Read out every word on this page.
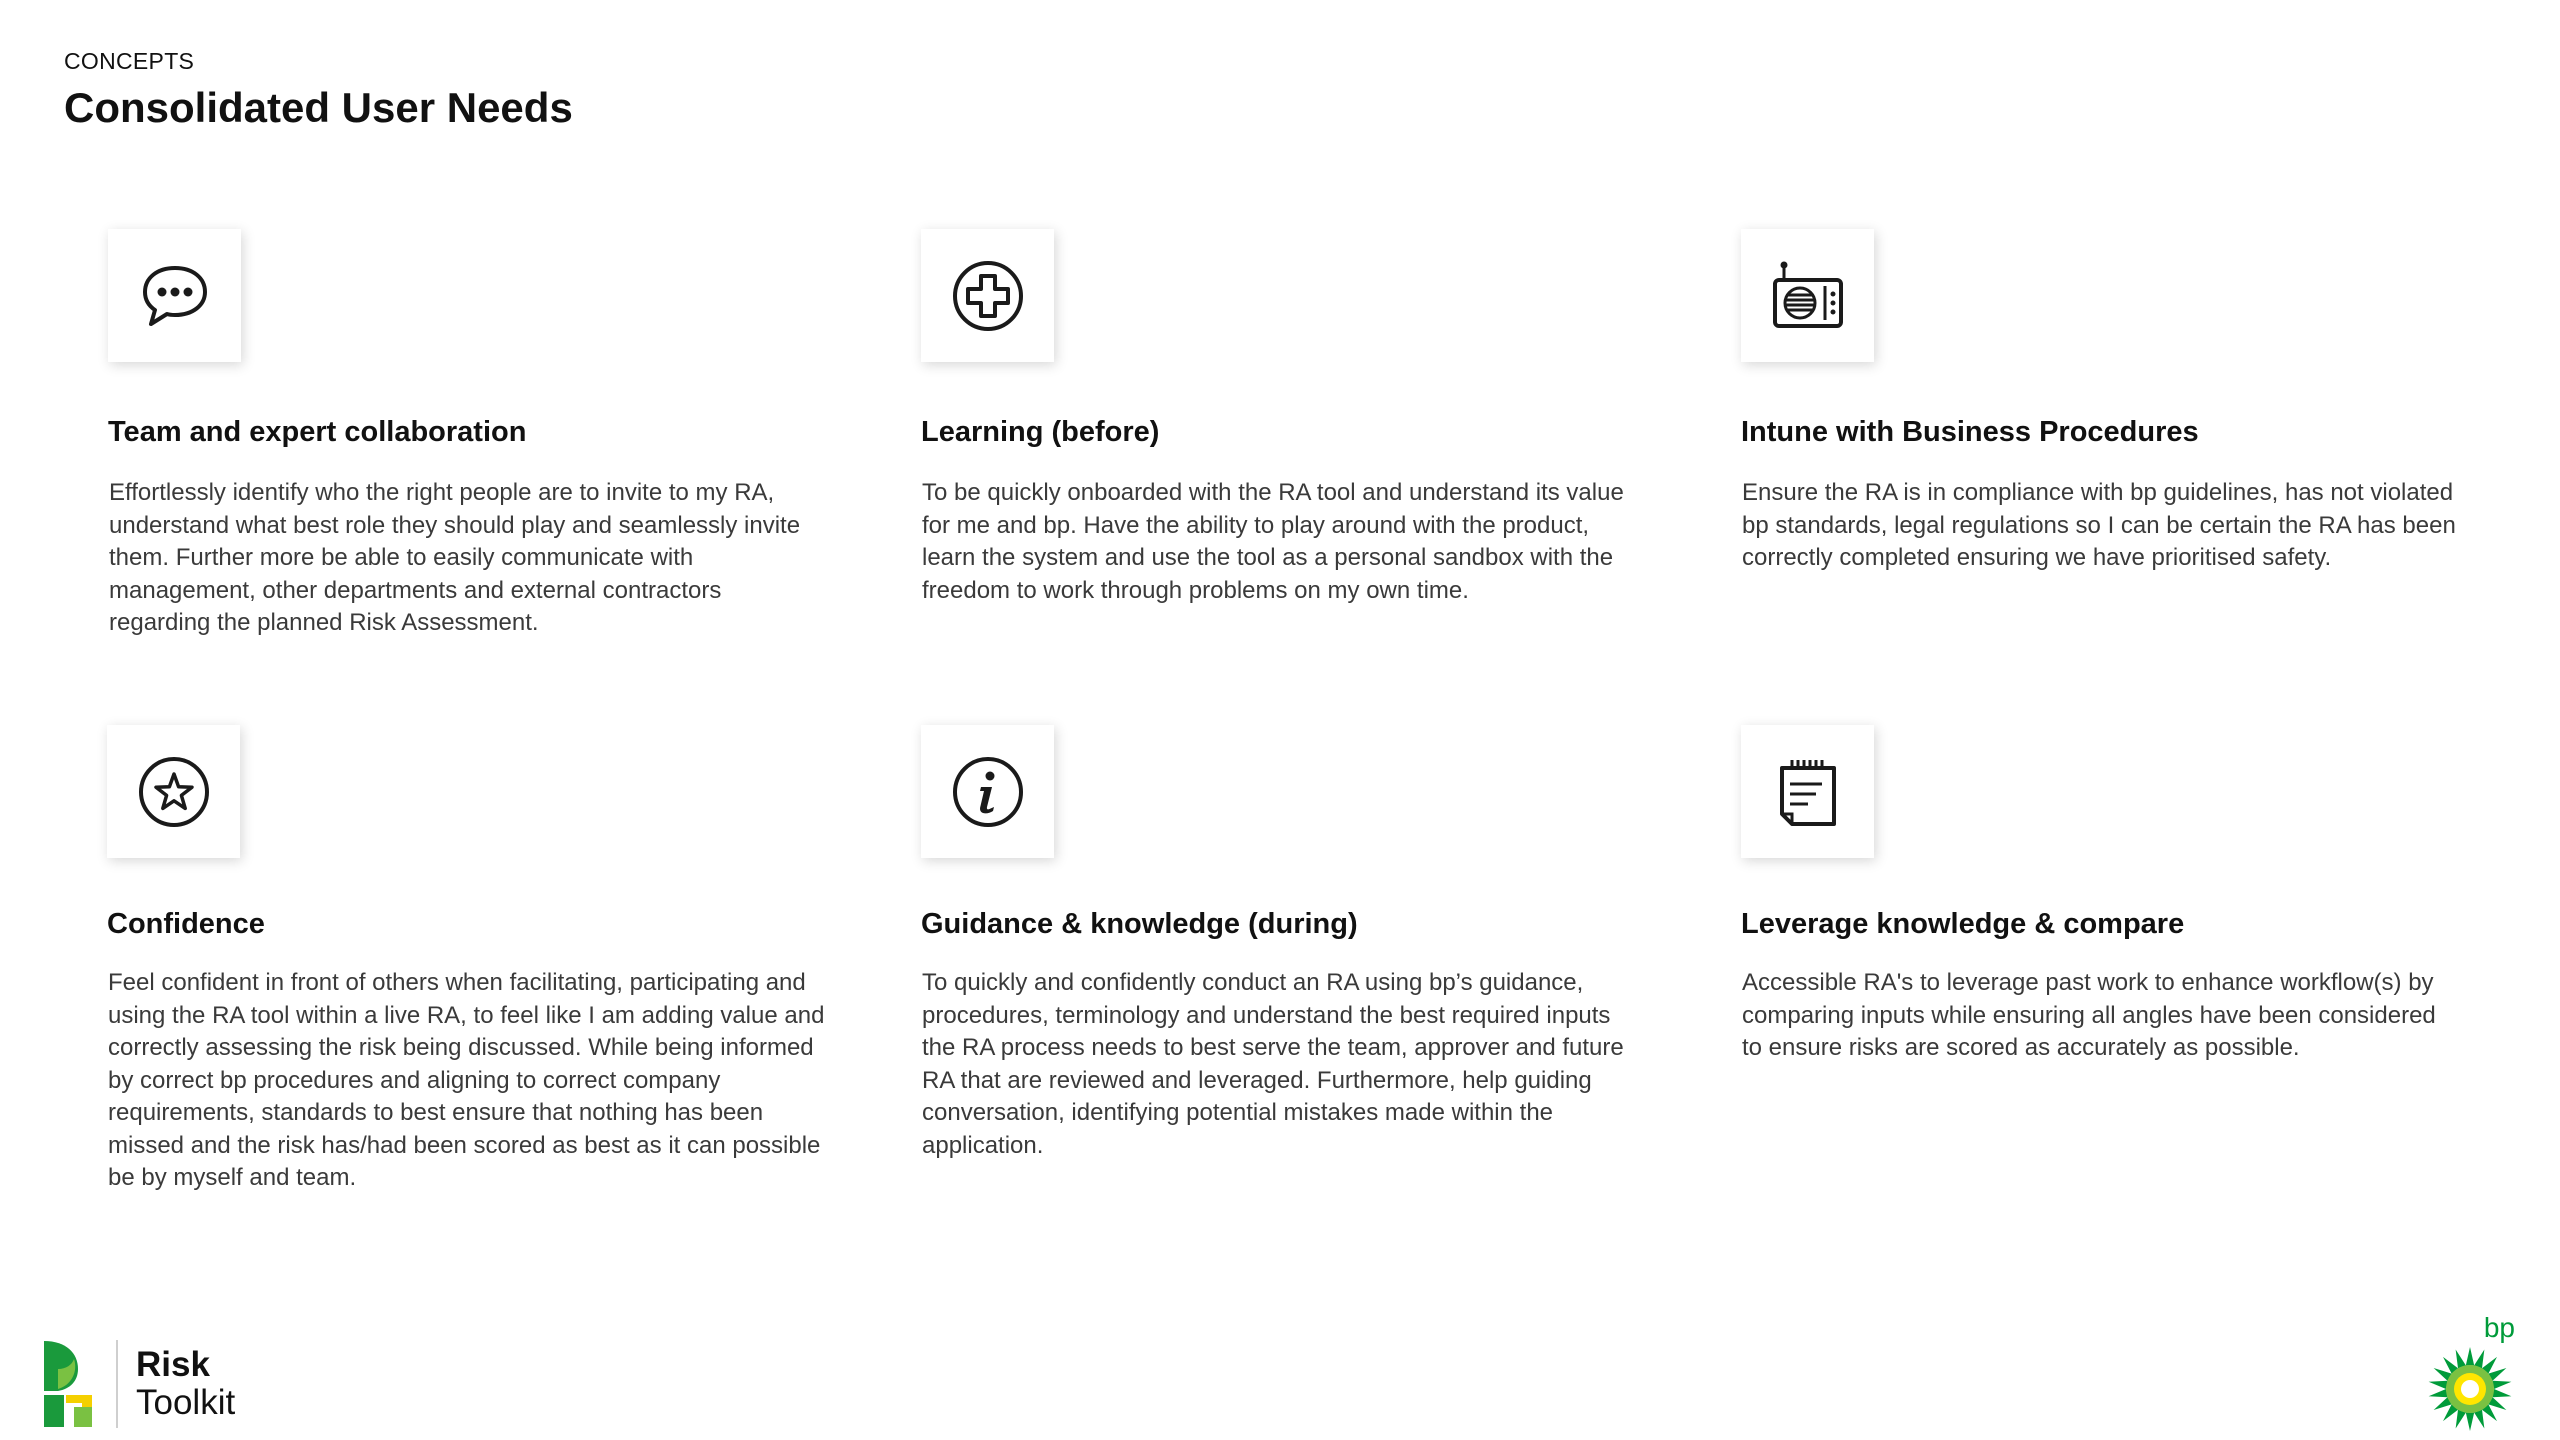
CONCEPTS
Consolidated User Needs
Team and expert collaboration

Effortlessly identify who the right people are to invite to my RA, understand what best role they should play and seamlessly invite them. Further more be able to easily communicate with management, other departments and external contractors regarding the planned Risk Assessment.

Learning (before)

To be quickly onboarded with the RA tool and understand its value for me and bp. Have the ability to play around with the product, learn the system and use the tool as a personal sandbox with the freedom to work through problems on my own time.

Intune with Business Procedures

Ensure the RA is in compliance with bp guidelines, has not violated bp standards, legal regulations so I can be certain the RA has been correctly completed ensuring we have prioritised safety.

Confidence

Feel confident in front of others when facilitating, participating and using the RA tool within a live RA, to feel like I am adding value and correctly assessing the risk being discussed. While being informed by correct bp procedures and aligning to correct company requirements, standards to best ensure that nothing has been missed and the risk has/had been scored as best as it can possible be by myself and team.

Guidance & knowledge (during)

To quickly and confidently conduct an RA using bp’s guidance, procedures, terminology and understand the best required inputs the RA process needs to best serve the team, approver and future RA that are reviewed and leveraged. Furthermore, help guiding conversation, identifying potential mistakes made within the application.

Leverage knowledge & compare

Accessible RA's to leverage past work to enhance workflow(s) by comparing inputs while ensuring all angles have been considered to ensure risks are scored as accurately as possible.

Risk
Toolkit
bp
